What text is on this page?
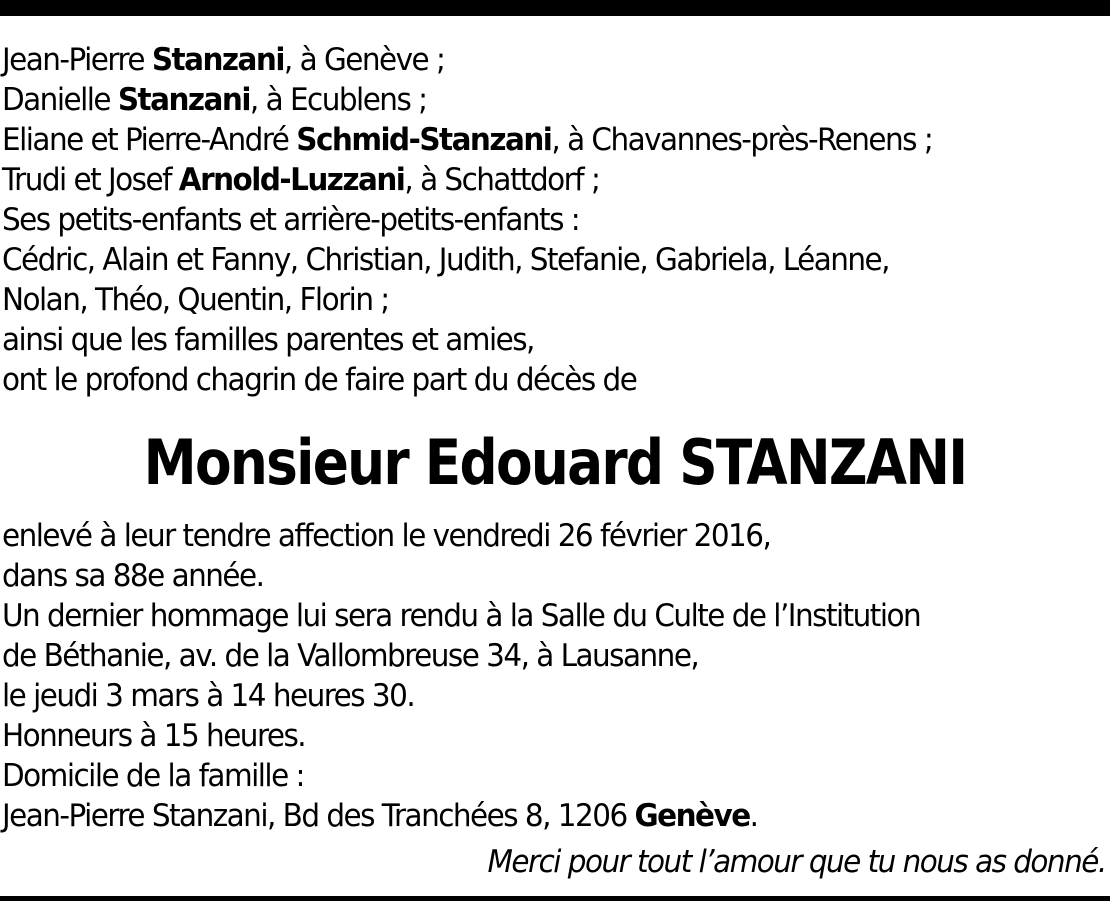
Jean-Pierre Stanzani, à Genève ;
Danielle Stanzani, à Ecublens ;
Eliane et Pierre-André Schmid-Stanzani, à Chavannes-près-Renens ;
Trudi et Josef Arnold-Luzzani, à Schattdorf ;
Ses petits-enfants et arrière-petits-enfants :
Cédric, Alain et Fanny, Christian, Judith, Stefanie, Gabriela, Léanne,
Nolan, Théo, Quentin, Florin ;
ainsi que les familles parentes et amies,
ont le profond chagrin de faire part du décès de
Monsieur Edouard STANZANI
enlevé à leur tendre affection le vendredi 26 février 2016,
dans sa 88e année.
Un dernier hommage lui sera rendu à la Salle du Culte de l’Institution
de Béthanie, av. de la Vallombreuse 34, à Lausanne,
le jeudi 3 mars à 14 heures 30.
Honneurs à 15 heures.
Domicile de la famille :
Jean-Pierre Stanzani, Bd des Tranchées 8, 1206 Genève.
Merci pour tout l’amour que tu nous as donné.
